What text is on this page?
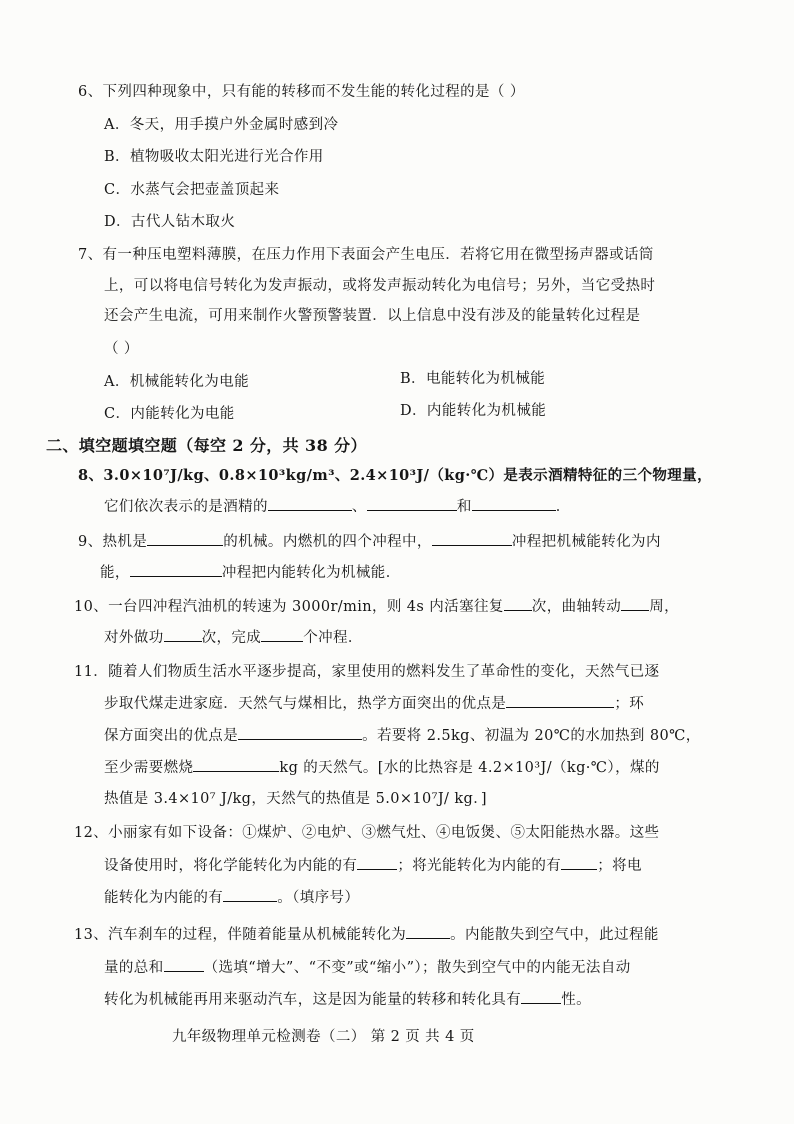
6、下列四种现象中，只有能的转移而不发生能的转化过程的是（ ）
A．冬天，用手摸户外金属时感到冷
B．植物吸收太阳光进行光合作用
C．水蒸气会把壶盖顶起来
D．古代人钻木取火
7、有一种压电塑料薄膜，在压力作用下表面会产生电压．若将它用在微型扬声器或话筒
上，可以将电信号转化为发声振动，或将发声振动转化为电信号；另外，当它受热时
还会产生电流，可用来制作火警预警装置．以上信息中没有涉及的能量转化过程是
（ ）
A．机械能转化为电能	B．电能转化为机械能
C．内能转化为电能	D．内能转化为机械能
二、填空题填空题（每空 2 分，共 38 分）
8、3.0×10⁷J/kg、0.8×10³kg/m³、2.4×10³J/（kg·℃）是表示酒精特征的三个物理量，
它们依次表示的是酒精的	、	和	．
9、热机是	的机械。内燃机的四个冲程中，	冲程把机械能转化为内
能，	冲程把内能转化为机械能．
10、一台四冲程汽油机的转速为 3000r/min，则 4s 内活塞往复 次，曲轴转动 周，
对外做功	次，完成	个冲程．
11．随着人们物质生活水平逐步提高，家里使用的燃料发生了革命性的变化，天然气已逐
步取代煤走进家庭．天然气与煤相比，热学方面突出的优点是	；环
保方面突出的优点是	。若要将 2.5kg、初温为 20℃的水加热到 80℃，
至少需要燃烧	kg 的天然气。[水的比热容是 4.2×10³J/（kg·℃），煤的
热值是 3.4×10⁷ J/kg，天然气的热值是 5.0×10⁷J/ kg．]
12、小丽家有如下设备：①煤炉、②电炉、③燃气灶、④电饭煲、⑤太阳能热水器。这些
设备使用时，将化学能转化为内能的有	；将光能转化为内能的有 ；将电
能转化为内能的有	。（填序号）
13、汽车刹车的过程，伴随着能量从机械能转化为	。内能散失到空气中，此过程能
量的总和	（选填“增大”、“不变”或“缩小”）；散失到空气中的内能无法自动
转化为机械能再用来驱动汽车，这是因为能量的转移和转化具有	性。
九年级物理单元检测卷（二） 第 2 页 共 4 页
